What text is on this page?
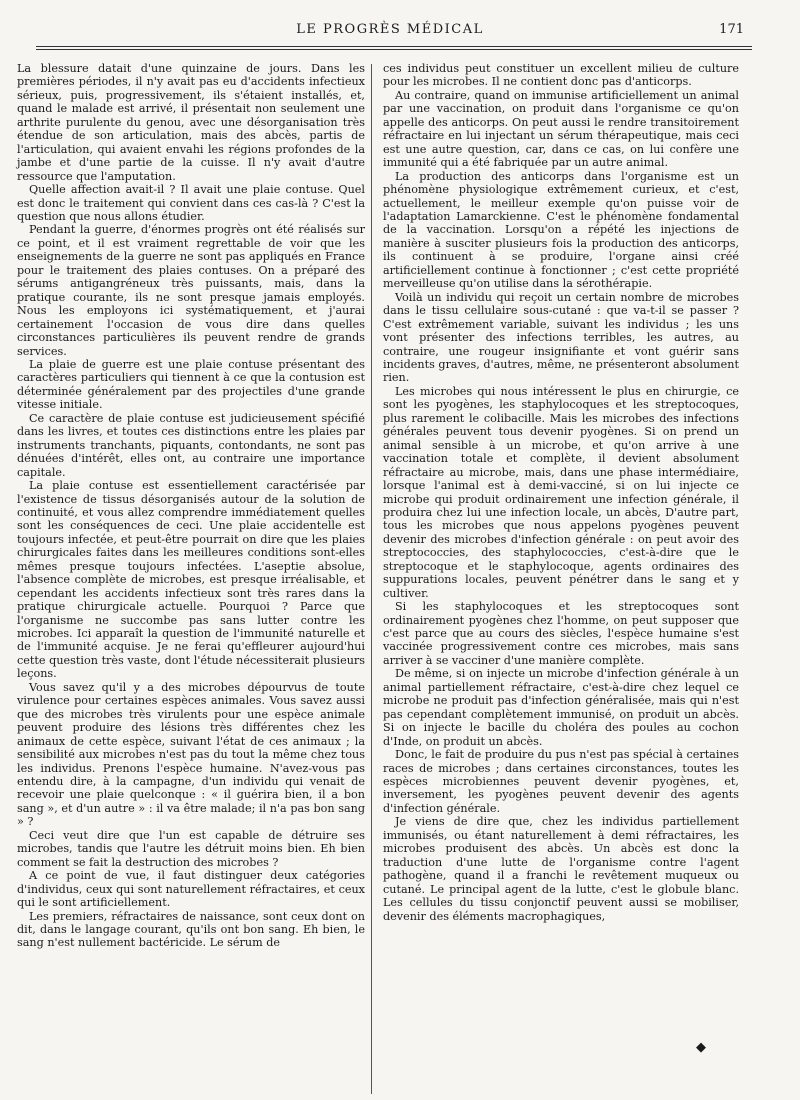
LE PROGRÈS MÉDICAL	171

La blessure datait d'une quinzaine de jours. Dans les premières périodes, il n'y avait pas eu d'accidents infectieux sérieux, puis, progressivement, ils s'étaient installés, et, quand le malade est arrivé, il présentait non seulement une arthrite purulente du genou, avec une désorganisation très étendue de son articulation, mais des abcès, partis de l'articulation, qui avaient envahi les régions profondes de la jambe et d'une partie de la cuisse. Il n'y avait d'autre ressource que l'amputation.

Quelle affection avait-il ? Il avait une plaie contuse. Quel est donc le traitement qui convient dans ces cas-là ? C'est la question que nous allons étudier.

Pendant la guerre, d'énormes progrès ont été réalisés sur ce point, et il est vraiment regrettable de voir que les enseignements de la guerre ne sont pas appliqués en France pour le traitement des plaies contuses. On a préparé des sérums antigangréneux très puissants, mais, dans la pratique courante, ils ne sont presque jamais employés. Nous les employons ici systématiquement, et j'aurai certainement l'occasion de vous dire dans quelles circonstances particulières ils peuvent rendre de grands services.

La plaie de guerre est une plaie contuse présentant des caractères particuliers qui tiennent à ce que la contusion est déterminée généralement par des projectiles d'une grande vitesse initiale.

Ce caractère de plaie contuse est judicieusement spécifié dans les livres, et toutes ces distinctions entre les plaies par instruments tranchants, piquants, contondants, ne sont pas dénuées d'intérêt, elles ont, au contraire une importance capitale.

La plaie contuse est essentiellement caractérisée par l'existence de tissus désorganisés autour de la solution de continuité, et vous allez comprendre immédiatement quelles sont les conséquences de ceci. Une plaie accidentelle est toujours infectée, et peut-être pourrait on dire que les plaies chirurgicales faites dans les meilleures conditions sont-elles mêmes presque toujours infectées. L'aseptie absolue, l'absence complète de microbes, est presque irréalisable, et cependant les accidents infectieux sont très rares dans la pratique chirurgicale actuelle. Pourquoi ? Parce que l'organisme ne succombe pas sans lutter contre les microbes. Ici apparaît la question de l'immunité naturelle et de l'immunité acquise. Je ne ferai qu'effleurer aujourd'hui cette question très vaste, dont l'étude nécessiterait plusieurs leçons.

Vous savez qu'il y a des microbes dépourvus de toute virulence pour certaines espèces animales. Vous savez aussi que des microbes très virulents pour une espèce animale peuvent produire des lésions très différentes chez les animaux de cette espèce, suivant l'état de ces animaux ; la sensibilité aux microbes n'est pas du tout la même chez tous les individus. Prenons l'espèce humaine. N'avez-vous pas entendu dire, à la campagne, d'un individu qui venait de recevoir une plaie quelconque : « il guérira bien, il a bon sang », et d'un autre » : il va être malade; il n'a pas bon sang » ?

Ceci veut dire que l'un est capable de détruire ses microbes, tandis que l'autre les détruit moins bien. Eh bien comment se fait la destruction des microbes ?

A ce point de vue, il faut distinguer deux catégories d'individus, ceux qui sont naturellement réfractaires, et ceux qui le sont artificiellement.

Les premiers, réfractaires de naissance, sont ceux dont on dit, dans le langage courant, qu'ils ont bon sang. Eh bien, le sang n'est nullement bactéricide. Le sérum de

ces individus peut constituer un excellent milieu de culture pour les microbes. Il ne contient donc pas d'anticorps.

Au contraire, quand on immunise artificiellement un animal par une vaccination, on produit dans l'organisme ce qu'on appelle des anticorps. On peut aussi le rendre transitoirement réfractaire en lui injectant un sérum thérapeutique, mais ceci est une autre question, car, dans ce cas, on lui confère une immunité qui a été fabriquée par un autre animal.

La production des anticorps dans l'organisme est un phénomène physiologique extrêmement curieux, et c'est, actuellement, le meilleur exemple qu'on puisse voir de l'adaptation Lamarckienne. C'est le phénomène fondamental de la vaccination. Lorsqu'on a répété les injections de manière à susciter plusieurs fois la production des anticorps, ils continuent à se produire, l'organe ainsi créé artificiellement continue à fonctionner ; c'est cette propriété merveilleuse qu'on utilise dans la sérothérapie.

Voilà un individu qui reçoit un certain nombre de microbes dans le tissu cellulaire sous-cutané : que va-t-il se passer ? C'est extrêmement variable, suivant les individus ; les uns vont présenter des infections terribles, les autres, au contraire, une rougeur insignifiante et vont guérir sans incidents graves, d'autres, même, ne présenteront absolument rien.

Les microbes qui nous intéressent le plus en chirurgie, ce sont les pyogènes, les staphylocoques et les streptocoques, plus rarement le colibacille. Mais les microbes des infections générales peuvent tous devenir pyogènes. Si on prend un animal sensible à un microbe, et qu'on arrive à une vaccination totale et complète, il devient absolument réfractaire au microbe, mais, dans une phase intermédiaire, lorsque l'animal est à demi-vacciné, si on lui injecte ce microbe qui produit ordinairement une infection générale, il produira chez lui une infection locale, un abcès, D'autre part, tous les microbes que nous appelons pyogènes peuvent devenir des microbes d'infection générale : on peut avoir des streptococcies, des staphylococcies, c'est-à-dire que le streptocoque et le staphylocoque, agents ordinaires des suppurations locales, peuvent pénétrer dans le sang et y cultiver.

Si les staphylocoques et les streptocoques sont ordinairement pyogènes chez l'homme, on peut supposer que c'est parce que au cours des siècles, l'espèce humaine s'est vaccinée progressivement contre ces microbes, mais sans arriver à se vacciner d'une manière complète.

De même, si on injecte un microbe d'infection générale à un animal partiellement réfractaire, c'est-à-dire chez lequel ce microbe ne produit pas d'infection généralisée, mais qui n'est pas cependant complètement immunisé, on produit un abcès. Si on injecte le bacille du choléra des poules au cochon d'Inde, on produit un abcès.

Donc, le fait de produire du pus n'est pas spécial à certaines races de microbes ; dans certaines circonstances, toutes les espèces microbiennes peuvent devenir pyogènes, et, inversement, les pyogènes peuvent devenir des agents d'infection générale.

Je viens de dire que, chez les individus partiellement immunisés, ou étant naturellement à demi réfractaires, les microbes produisent des abcès. Un abcès est donc la traduction d'une lutte de l'organisme contre l'agent pathogène, quand il a franchi le revêtement muqueux ou cutané. Le principal agent de la lutte, c'est le globule blanc. Les cellules du tissu conjonctif peuvent aussi se mobiliser, devenir des éléments macrophagiques,

◆
